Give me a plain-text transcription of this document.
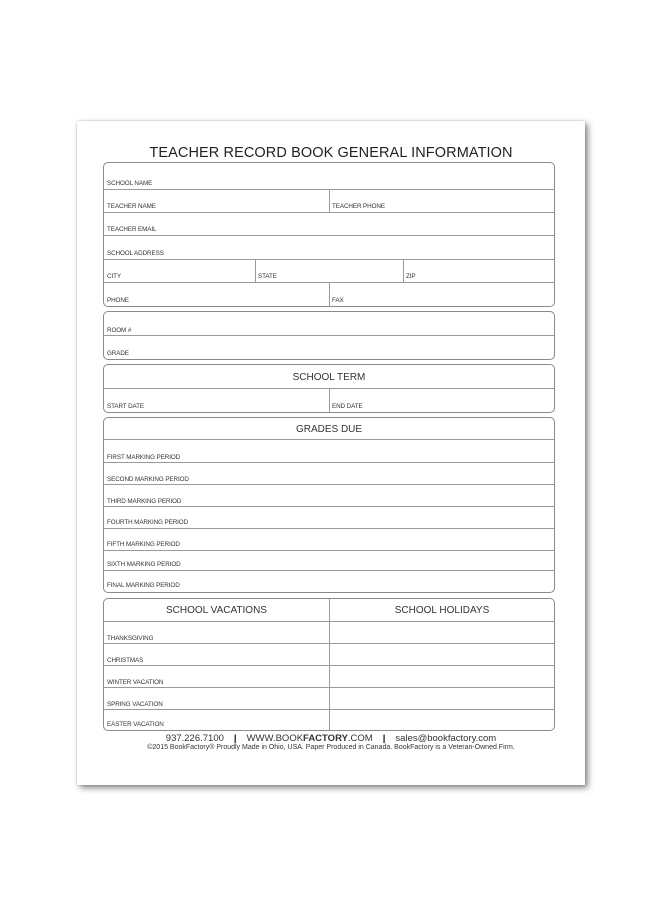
TEACHER RECORD BOOK GENERAL INFORMATION
SCHOOL NAME
TEACHER NAME	TEACHER PHONE
TEACHER EMAIL
SCHOOL ADDRESS
CITY	STATE	ZIP
PHONE	FAX
ROOM #
GRADE
SCHOOL TERM
START DATE	END DATE
GRADES DUE
FIRST MARKING PERIOD
SECOND MARKING PERIOD
THIRD MARKING PERIOD
FOURTH MARKING PERIOD
FIFTH MARKING PERIOD
SIXTH MARKING PERIOD
FINAL MARKING PERIOD
SCHOOL VACATIONS	SCHOOL HOLIDAYS
THANKSGIVING
CHRISTMAS
WINTER VACATION
SPRING VACATION
EASTER VACATION
937.226.7100 | WWW.BOOKFACTORY.COM | sales@bookfactory.com
©2015 BookFactory® Proudly Made in Ohio, USA. Paper Produced in Canada. BookFactory is a Veteran-Owned Firm.
